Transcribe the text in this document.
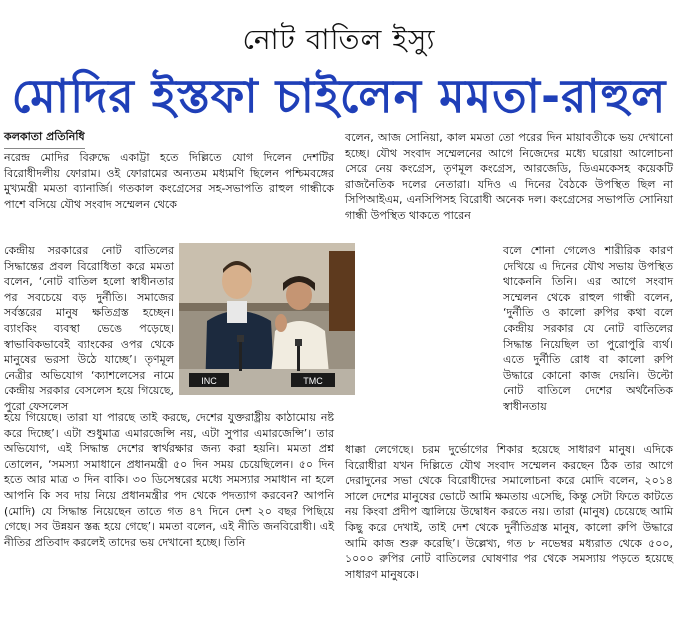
নোট বাতিল ইস্যু
মোদির ইস্তফা চাইলেন মমতা-রাহুল
কলকাতা প্রতিনিধি
নরেন্দ্র মোদির বিরুদ্ধে একাট্টা হতে দিল্লিতে যোগ দিলেন দেশটির বিরোধীদলীয় ফোরাম। ওই ফোরামের অন্যতম মধ্যমণি ছিলেন পশ্চিমবঙ্গের মুখ্যমন্ত্রী মমতা ব্যানার্জি। গতকাল কংগ্রেসের সহ-সভাপতি রাহুল গান্ধীকে পাশে বসিয়ে যৌথ সংবাদ সম্মেলন থেকে
কেন্দ্রীয় সরকারের নোট বাতিলের সিদ্ধান্তের প্রবল বিরোধিতা করে মমতা বলেন, ‘নোট বাতিল হলো স্বাধীনতার পর সবচেয়ে বড় দুর্নীতি। সমাজের সর্বস্তরের মানুষ ক্ষতিগ্রস্ত হচ্ছেন। ব্যাংকিং ব্যবস্থা ভেঙে পড়েছে। স্বাভাবিকভাবেই ব্যাংকের ওপর থেকে মানুষের ভরসা উঠে যাচ্ছে’। তৃণমূল নেত্রীর অভিযোগ ‘ক্যাশলেসের নামে কেন্দ্রীয় সরকার বেসলেস হয়ে গিয়েছে, পুরো ফেসলেস
হয়ে গিয়েছে। তারা যা পারছে তাই করছে, দেশের যুক্তরাষ্ট্রীয় কাঠামোয় নষ্ট করে দিচ্ছে’। এটা শুধুমাত্র এমারজেন্সি নয়, এটা সুপার এমারজেন্সি’। তার অভিযোগ, এই সিদ্ধান্ত দেশের স্বার্থরক্ষার জন্য করা হয়নি। মমতা প্রশ্ন তোলেন, ‘সমস্যা সমাধানে প্রধানমন্ত্রী ৫০ দিন সময় চেয়েছিলেন। ৫০ দিন হতে আর মাত্র ৩ দিন বাকি। ৩০ ডিসেম্বরের মধ্যে সমস্যার সমাধান না হলে আপনি কি সব দায় নিয়ে প্রধানমন্ত্রীর পদ থেকে পদত্যাগ করবেন? আপনি (মোদি) যে সিদ্ধান্ত নিয়েছেন তাতে গত ৪৭ দিনে দেশ ২০ বছর পিছিয়ে গেছে। সব উন্নয়ন স্তব্ধ হয়ে গেছে’। মমতা বলেন, এই নীতি জনবিরোধী। এই নীতির প্রতিবাদ করলেই তাদের ভয় দেখানো হচ্ছে। তিনি
বলেন, আজ সোনিয়া, কাল মমতা তো পরের দিন মায়াবতীকে ভয় দেখানো হচ্ছে। যৌথ সংবাদ সম্মেলনের আগে নিজেদের মধ্যে ঘরোয়া আলোচনা সেরে নেয় কংগ্রেস, তৃণমূল কংগ্রেস, আরজেডি, ডিএমকেসহ কয়েকটি রাজনৈতিক দলের নেতারা। যদিও এ দিনের বৈঠকে উপস্থিত ছিল না সিপিআইএম, এনসিপিসহ বিরোধী অনেক দল। কংগ্রেসের সভাপতি সোনিয়া গান্ধী উপস্থিত থাকতে পারেন
বলে শোনা গেলেও শারীরিক কারণ দেখিয়ে এ দিনের যৌথ সভায় উপস্থিত থাকেননি তিনি। এর আগে সংবাদ সম্মেলন থেকে রাহুল গান্ধী বলেন, ‘দুর্নীতি ও কালো রুপির কথা বলে কেন্দ্রীয় সরকার যে নোট বাতিলের সিদ্ধান্ত নিয়েছিল তা পুরোপুরি ব্যর্থ। এতে দুর্নীতি রোধ বা কালো রুপি উদ্ধারে কোনো কাজ দেয়নি। উল্টো নোট বাতিলে দেশের অর্থনৈতিক স্বাধীনতায়
ধাক্কা লেগেছে। চরম দুর্ভোগের শিকার হয়েছে সাধারণ মানুষ। এদিকে বিরোধীরা যখন দিল্লিতে যৌথ সংবাদ সম্মেলন করছেন ঠিক তার আগে দেরাদুনের সভা থেকে বিরোধীদের সমালোচনা করে মোদি বলেন, ২০১৪ সালে দেশের মানুষের ভোটে আমি ক্ষমতায় এসেছি, কিন্তু সেটা ফিতে কাটতে নয় কিংবা প্রদীপ জ্বালিয়ে উদ্বোধন করতে নয়। তারা (মানুষ) চেয়েছে আমি কিছু করে দেখাই, তাই দেশ থেকে দুর্নীতিগ্রস্ত মানুষ, কালো রুপি উদ্ধারে আমি কাজ শুরু করেছি’। উল্লেখ্য, গত ৮ নভেম্বর মধ্যরাত থেকে ৫০০, ১০০০ রুপির নোট বাতিলের ঘোষণার পর থেকে সমস্যায় পড়তে হয়েছে সাধারণ মানুষকে।
INC	TMC
